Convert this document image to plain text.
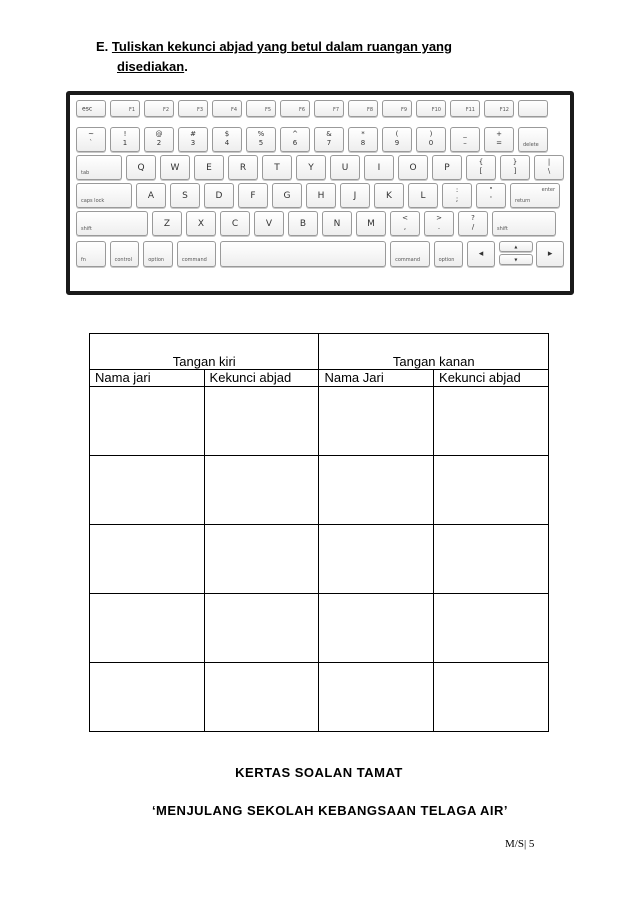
E. Tuliskan kekunci abjad yang betul dalam ruangan yang
disediakan.
esc	F1	F2	F3	F4	F5	F6	F7	F8	F9	F10	F11	F12
~
`
!
1
@
2
#
3
$
4
%
5
^
6
&
7
*
8
(
9
)
0
_
–
+
=	delete
tab
Q	W	E	R	T	Y	U	I	O	P
{
[
}
]
|
\
caps lock
A	S	D	F	G	H	J	K	L
:
;
"
'	return
enter
shift
Z	X	C	V	B	N	M
<
,
>
.
?
/	shift
fn	control	option	command	command	option
◂
▴
▾
▸
Tangan kiri		Tangan kanan	
Nama jari	Kekunci abjad	Nama Jari	Kekunci abjad

KERTAS SOALAN TAMAT
‘MENJULANG SEKOLAH KEBANGSAAN TELAGA AIR’
M/S| 5
